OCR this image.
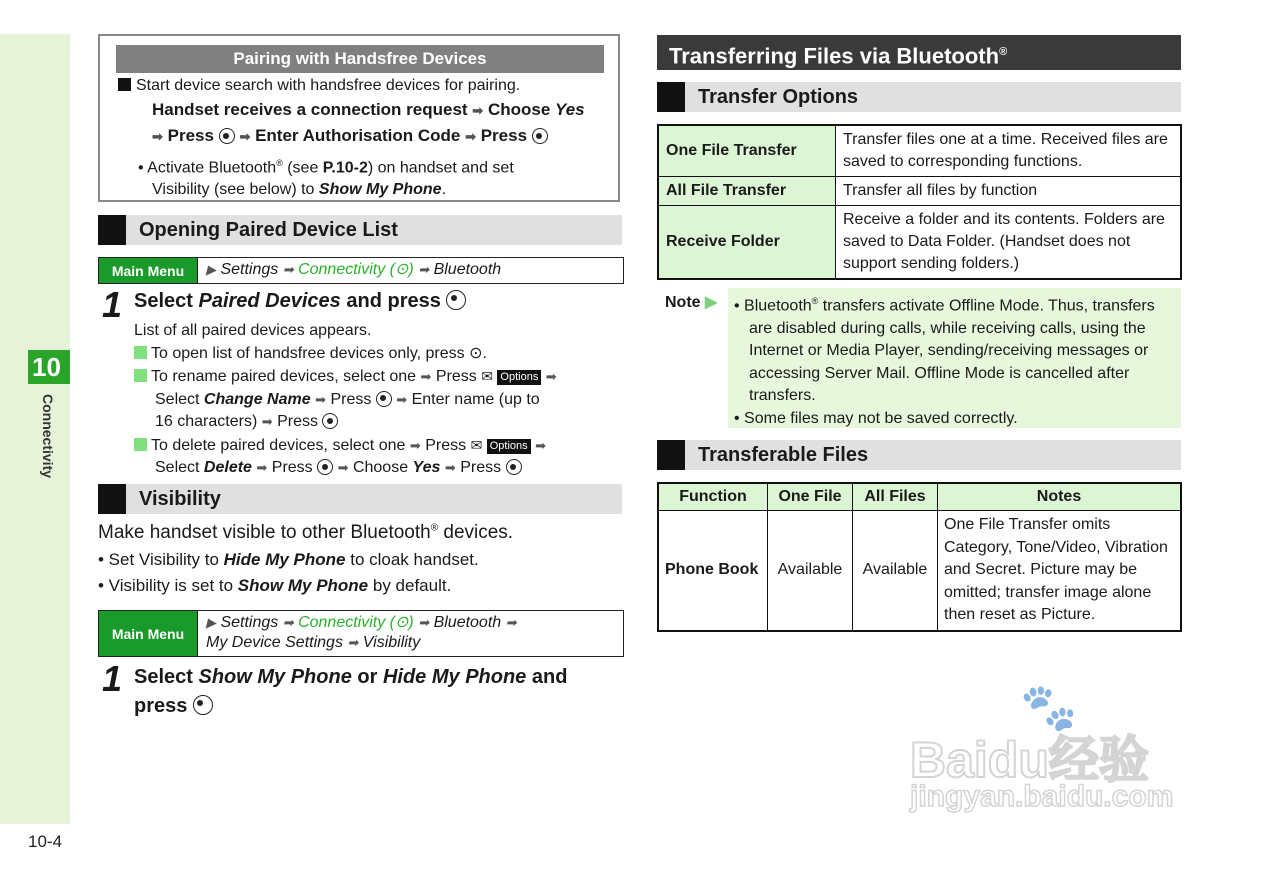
10
Connectivity
10-4
Pairing with Handsfree Devices
Start device search with handsfree devices for pairing.
Handset receives a connection request ➡ Choose Yes
➡ Press ➡ Enter Authorisation Code ➡ Press
• Activate Bluetooth® (see P.10-2) on handset and set
Visibility (see below) to Show My Phone.
Opening Paired Device List
Main Menu	▶ Settings ➡ Connectivity (⊙) ➡ Bluetooth
1 Select Paired Devices and press
List of all paired devices appears.
To open list of handsfree devices only, press ⊙.
To rename paired devices, select one ➡ Press ✉ Options ➡
Select Change Name ➡ Press ➡ Enter name (up to
16 characters) ➡ Press
To delete paired devices, select one ➡ Press ✉ Options ➡
Select Delete ➡ Press ➡ Choose Yes ➡ Press
Visibility
Make handset visible to other Bluetooth® devices.
• Set Visibility to Hide My Phone to cloak handset.
• Visibility is set to Show My Phone by default.
Main Menu
▶ Settings ➡ Connectivity (⊙) ➡ Bluetooth ➡
My Device Settings ➡ Visibility
1 Select Show My Phone or Hide My Phone and
press
Transferring Files via Bluetooth®
Transfer Options
One File Transfer	Transfer files one at a time. Received files are saved to corresponding functions.
All File Transfer	Transfer all files by function
Receive Folder	Receive a folder and its contents. Folders are saved to Data Folder. (Handset does not support sending folders.)
Note ▶ • Bluetooth® transfers activate Offline Mode. Thus, transfers are disabled during calls, while receiving calls, using the Internet or Media Player, sending/receiving messages or accessing Server Mail. Offline Mode is cancelled after transfers.
• Some files may not be saved correctly.
Transferable Files
Function	One File	All Files	Notes
Phone Book	Available	Available	One File Transfer omits Category, Tone/Video, Vibration and Secret. Picture may be omitted; transfer image alone then reset as Picture.
🐾
Baidu经验
jingyan.baidu.com
